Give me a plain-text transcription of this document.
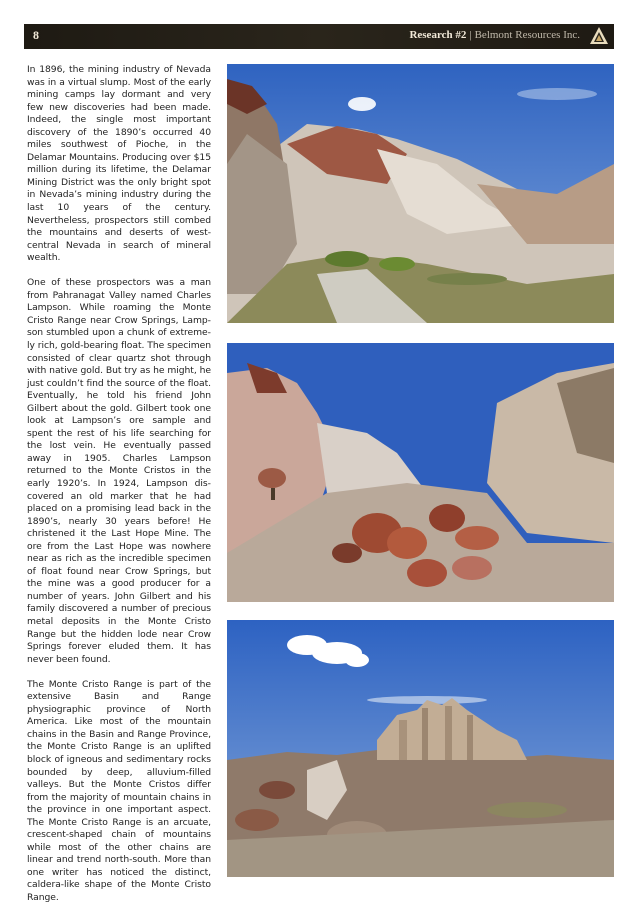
8	Research #2 | Belmont Resources Inc.

In 1896, the mining industry of Nevada was in a virtual slump. Most of the early mining camps lay dormant and very few new discoveries had been made. Indeed, the single most important discovery of the 1890’s occurred 40 miles southwest of Pioche, in the Delamar Mountains. Producing over $15 million during its lifetime, the Delamar Mining District was the only bright spot in Nevada’s mining industry during the last 10 years of the century. Nevertheless, prospectors still combed the mountains and deserts of west-central Nevada in search of mineral wealth.

One of these prospectors was a man from Pahranagat Valley named Charles Lampson. While roaming the Monte Cristo Range near Crow Springs, Lampson stumbled upon a chunk of extremely rich, gold-bearing float. The specimen consisted of clear quartz shot through with native gold. But try as he might, he just couldn’t find the source of the float. Eventually, he told his friend John Gilbert about the gold. Gilbert took one look at Lampson’s ore sample and spent the rest of his life searching for the lost vein. He eventually passed away in 1905. Charles Lampson returned to the Monte Cristos in the early 1920’s. In 1924, Lampson discovered an old marker that he had placed on a promising lead back in the 1890’s, nearly 30 years before! He christened it the Last Hope Mine. The ore from the Last Hope was nowhere near as rich as the incredible specimen of float found near Crow Springs, but the mine was a good producer for a number of years. John Gilbert and his family discovered a number of precious metal deposits in the Monte Cristo Range but the hidden lode near Crow Springs forever eluded them. It has never been found.

The Monte Cristo Range is part of the extensive Basin and Range physiographic province of North America. Like most of the mountain chains in the Basin and Range Province, the Monte Cristo Range is an uplifted block of igneous and sedimentary rocks bounded by deep, alluvium-filled valleys. But the Monte Cristos differ from the majority of mountain chains in the province in one important aspect. The Monte Cristo Range is an arcuate, crescent-shaped chain of mountains while most of the other chains are linear and trend north-south. More than one writer has noticed the distinct, caldera-like shape of the Monte Cristo Range.
